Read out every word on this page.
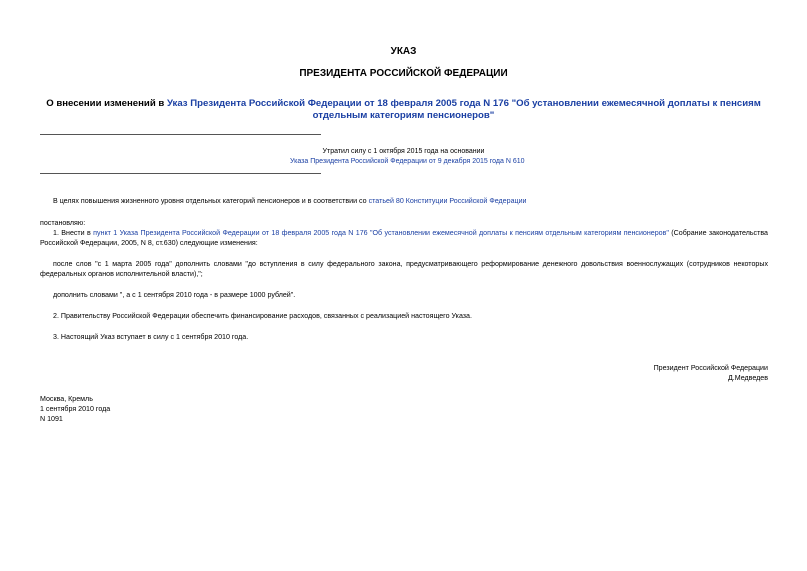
УКАЗ
ПРЕЗИДЕНТА РОССИЙСКОЙ ФЕДЕРАЦИИ
О внесении изменений в Указ Президента Российской Федерации от 18 февраля 2005 года N 176 "Об установлении ежемесячной доплаты к пенсиям отдельным категориям пенсионеров"
Утратил силу с 1 октября 2015 года на основании
Указа Президента Российской Федерации от 9 декабря 2015 года N 610
В целях повышения жизненного уровня отдельных категорий пенсионеров и в соответствии со статьей 80 Конституции Российской Федерации
постановляю:
1. Внести в пункт 1 Указа Президента Российской Федерации от 18 февраля 2005 года N 176 "Об установлении ежемесячной доплаты к пенсиям отдельным категориям пенсионеров" (Собрание законодательства Российской Федерации, 2005, N 8, ст.630) следующие изменения:
после слов "с 1 марта 2005 года" дополнить словами "до вступления в силу федерального закона, предусматривающего реформирование денежного довольствия военнослужащих (сотрудников некоторых федеральных органов исполнительной власти),";
дополнить словами ", а с 1 сентября 2010 года - в размере 1000 рублей".
2. Правительству Российской Федерации обеспечить финансирование расходов, связанных с реализацией настоящего Указа.
3. Настоящий Указ вступает в силу с 1 сентября 2010 года.
Президент Российской Федерации
Д.Медведев
Москва, Кремль
1 сентября 2010 года
N 1091
